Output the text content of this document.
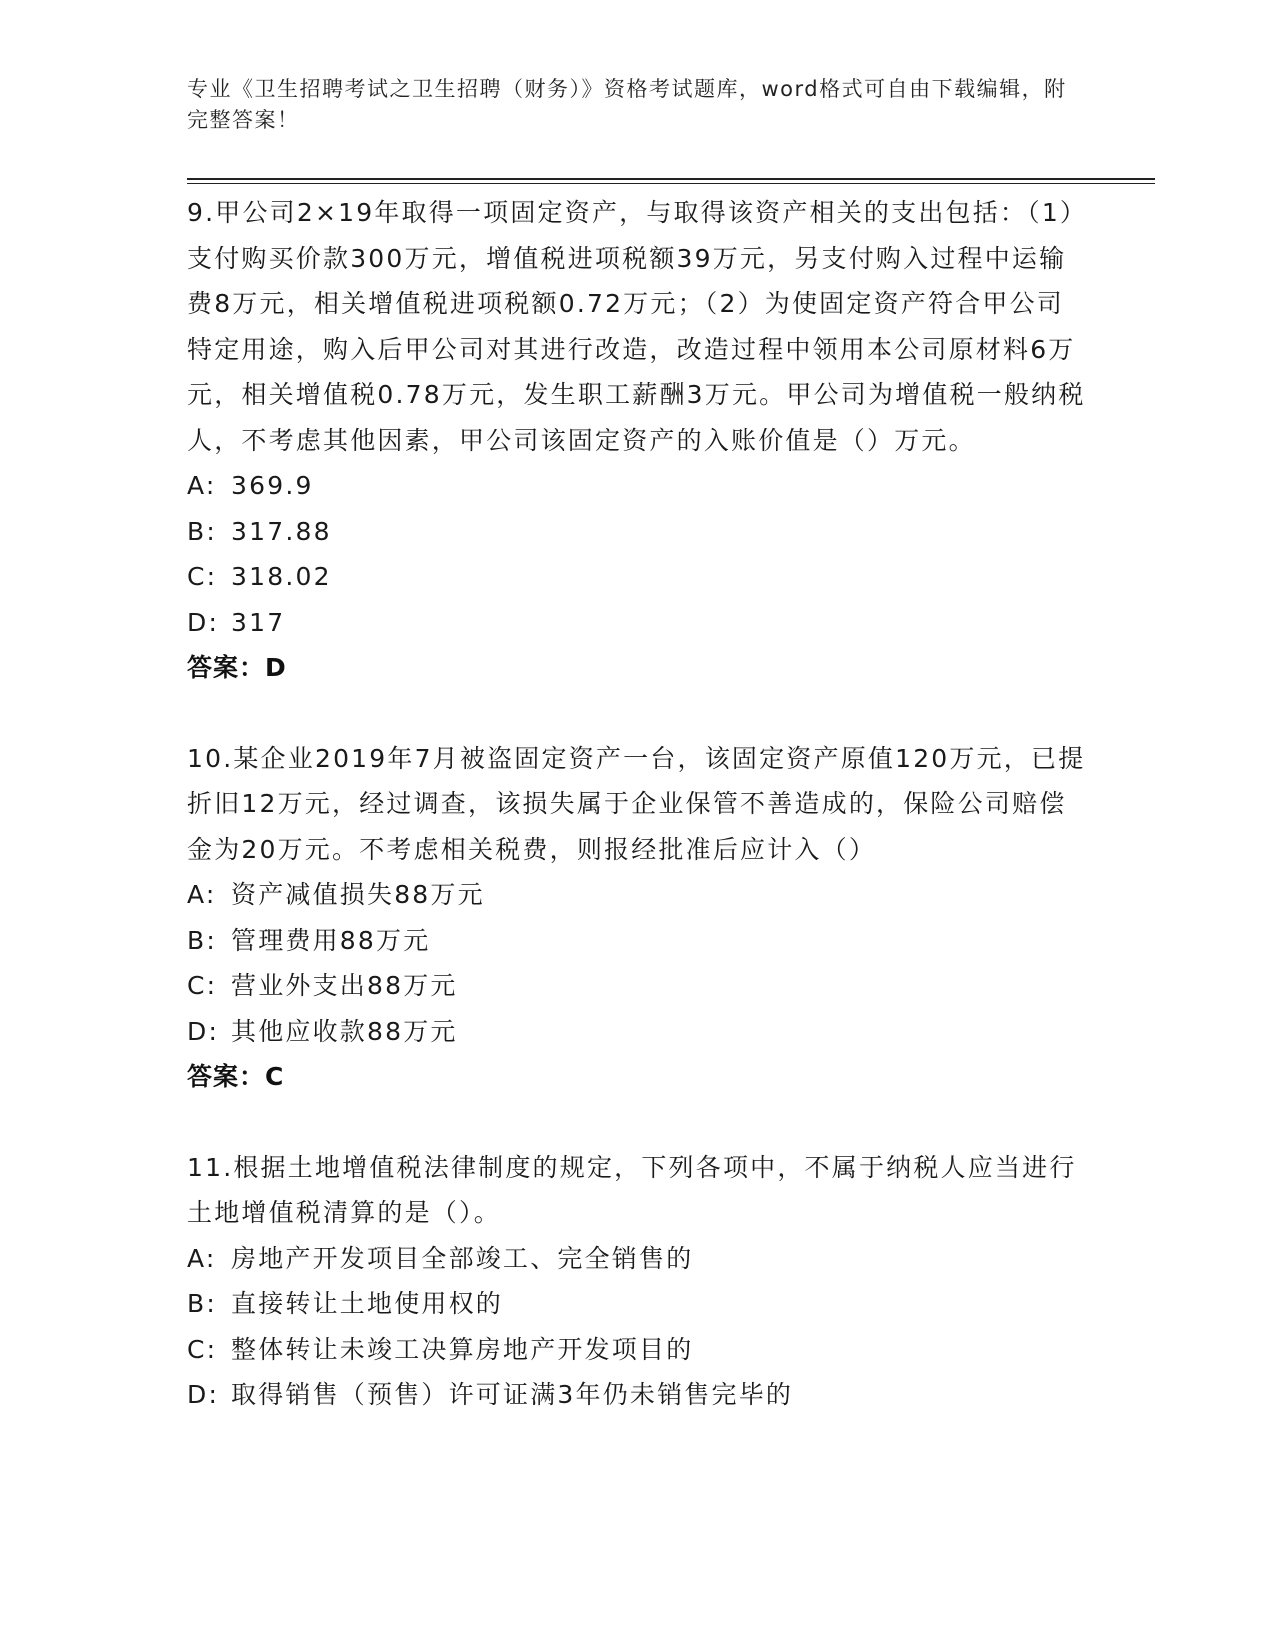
专业《卫生招聘考试之卫生招聘（财务）》资格考试题库，word格式可自由下载编辑，附完整答案！
9.甲公司2×19年取得一项固定资产，与取得该资产相关的支出包括：（1）支付购买价款300万元，增值税进项税额39万元，另支付购入过程中运输费8万元，相关增值税进项税额0.72万元；（2）为使固定资产符合甲公司特定用途，购入后甲公司对其进行改造，改造过程中领用本公司原材料6万元，相关增值税0.78万元，发生职工薪酬3万元。甲公司为增值税一般纳税人，不考虑其他因素，甲公司该固定资产的入账价值是（）万元。
A: 369.9
B: 317.88
C: 318.02
D: 317
答案：D
10.某企业2019年7月被盗固定资产一台，该固定资产原值120万元，已提折旧12万元，经过调查，该损失属于企业保管不善造成的，保险公司赔偿金为20万元。不考虑相关税费，则报经批准后应计入（）
A: 资产减值损失88万元
B: 管理费用88万元
C: 营业外支出88万元
D: 其他应收款88万元
答案：C
11.根据土地增值税法律制度的规定，下列各项中，不属于纳税人应当进行土地增值税清算的是（）。
A: 房地产开发项目全部竣工、完全销售的
B: 直接转让土地使用权的
C: 整体转让未竣工决算房地产开发项目的
D: 取得销售（预售）许可证满3年仍未销售完毕的
